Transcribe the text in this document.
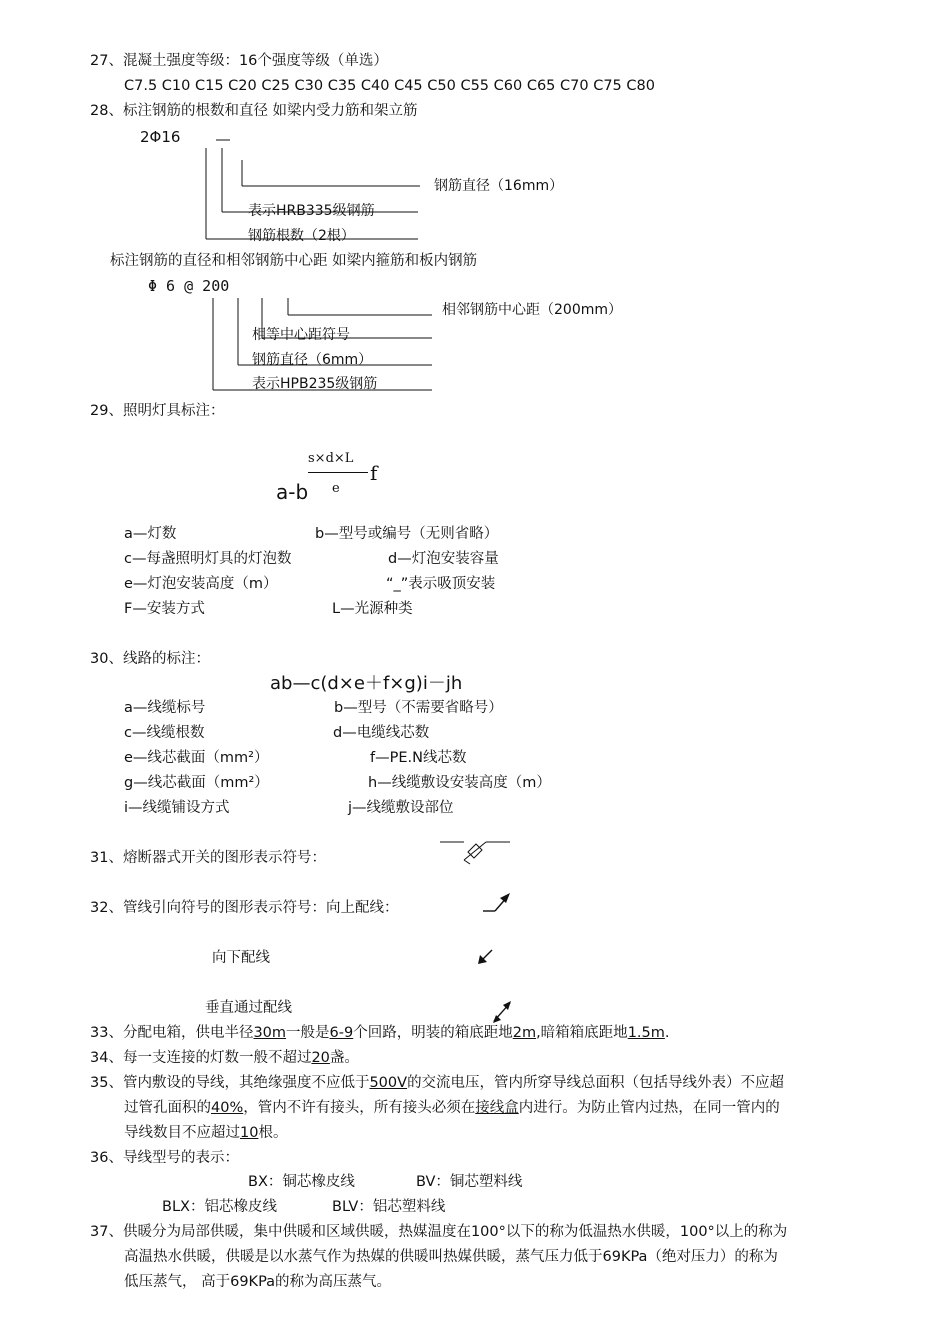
27、混凝土强度等级：16个强度等级（单选）
C7.5 C10 C15 C20 C25 C30 C35 C40 C45 C50 C55 C60 C65 C70 C75 C80
28、标注钢筋的根数和直径 如梁内受力筋和架立筋
2Φ16
钢筋直径（16mm）
表示HRB335级钢筋
钢筋根数（2根）
标注钢筋的直径和相邻钢筋中心距 如梁内箍筋和板内钢筋
Φ 6 @ 200
相邻钢筋中心距（200mm）
相等中心距符号
钢筋直径（6mm）
表示HPB235级钢筋
29、照明灯具标注：
a-b
s×d×L
e
f
a—灯数	b—型号或编号（无则省略）
c—每盏照明灯具的灯泡数	d—灯泡安装容量
e—灯泡安装高度（m）	“_”表示吸顶安装
F—安装方式	L—光源种类
30、线路的标注：
ab—c(d×e＋f×g)i－jh
a—线缆标号	b—型号（不需要省略号）
c—线缆根数	d—电缆线芯数
e—线芯截面（mm²）	f—PE.N线芯数
g—线芯截面（mm²）	h—线缆敷设安装高度（m）
i—线缆铺设方式	j—线缆敷设部位
31、熔断器式开关的图形表示符号：
32、管线引向符号的图形表示符号：向上配线：
向下配线
垂直通过配线
33、分配电箱，供电半径30m一般是6-9个回路，明装的箱底距地2m,暗箱箱底距地1.5m.
34、每一支连接的灯数一般不超过20盏。
35、管内敷设的导线，其绝缘强度不应低于500V的交流电压，管内所穿导线总面积（包括导线外表）不应超
过管孔面积的40%，管内不许有接头，所有接头必须在接线盒内进行。为防止管内过热，在同一管内的
导线数目不应超过10根。
36、导线型号的表示：
BX：铜芯橡皮线	BV：铜芯塑料线
BLX：铝芯橡皮线	BLV：铝芯塑料线
37、供暖分为局部供暖，集中供暖和区域供暖，热媒温度在100°以下的称为低温热水供暖，100°以上的称为
高温热水供暖，供暖是以水蒸气作为热媒的供暖叫热媒供暖，蒸气压力低于69KPa（绝对压力）的称为
低压蒸气， 高于69KPa的称为高压蒸气。
